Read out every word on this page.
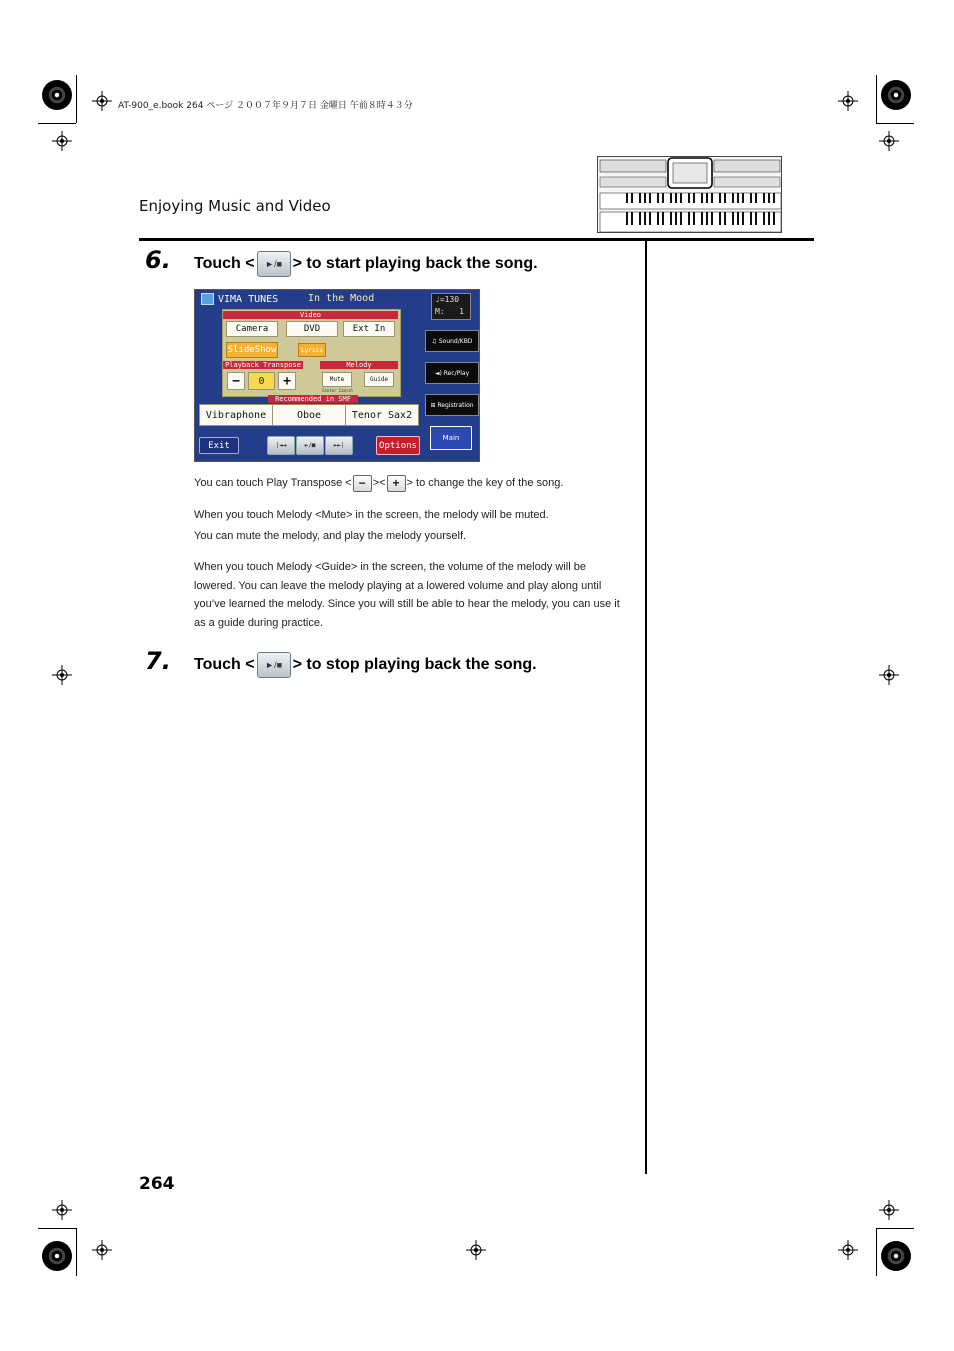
AT-900_e.book 264 ページ ２００７年９月７日 金曜日 午前８時４３分
Enjoying Music and Video
6. Touch <	►/■ > to start playing back the song.
VIMA TUNES	In the Mood	♩=130
M:   1
Video
Camera	DVD	Ext In
SlideShow	Lyrics
Playback Transpose	Melody
−	0	+	Mute	Guide
Center Cancel
Recommended in SMF
Vibraphone	Oboe	Tenor Sax2
Exit	|◄◄	►/■	►►|	Options
♫ Sound/KBD
◄) Rec/Play
⊞ Registration
Main
You can touch Play Transpose < − >< + > to change the key of the song.
When you touch Melody <Mute> in the screen, the melody will be muted.
You can mute the melody, and play the melody yourself.
When you touch Melody <Guide> in the screen, the volume of the melody will be lowered. You can leave the melody playing at a lowered volume and play along until you’ve learned the melody. Since you will still be able to hear the melody, you can use it as a guide during practice.
7. Touch <	►/■ > to stop playing back the song.
264
